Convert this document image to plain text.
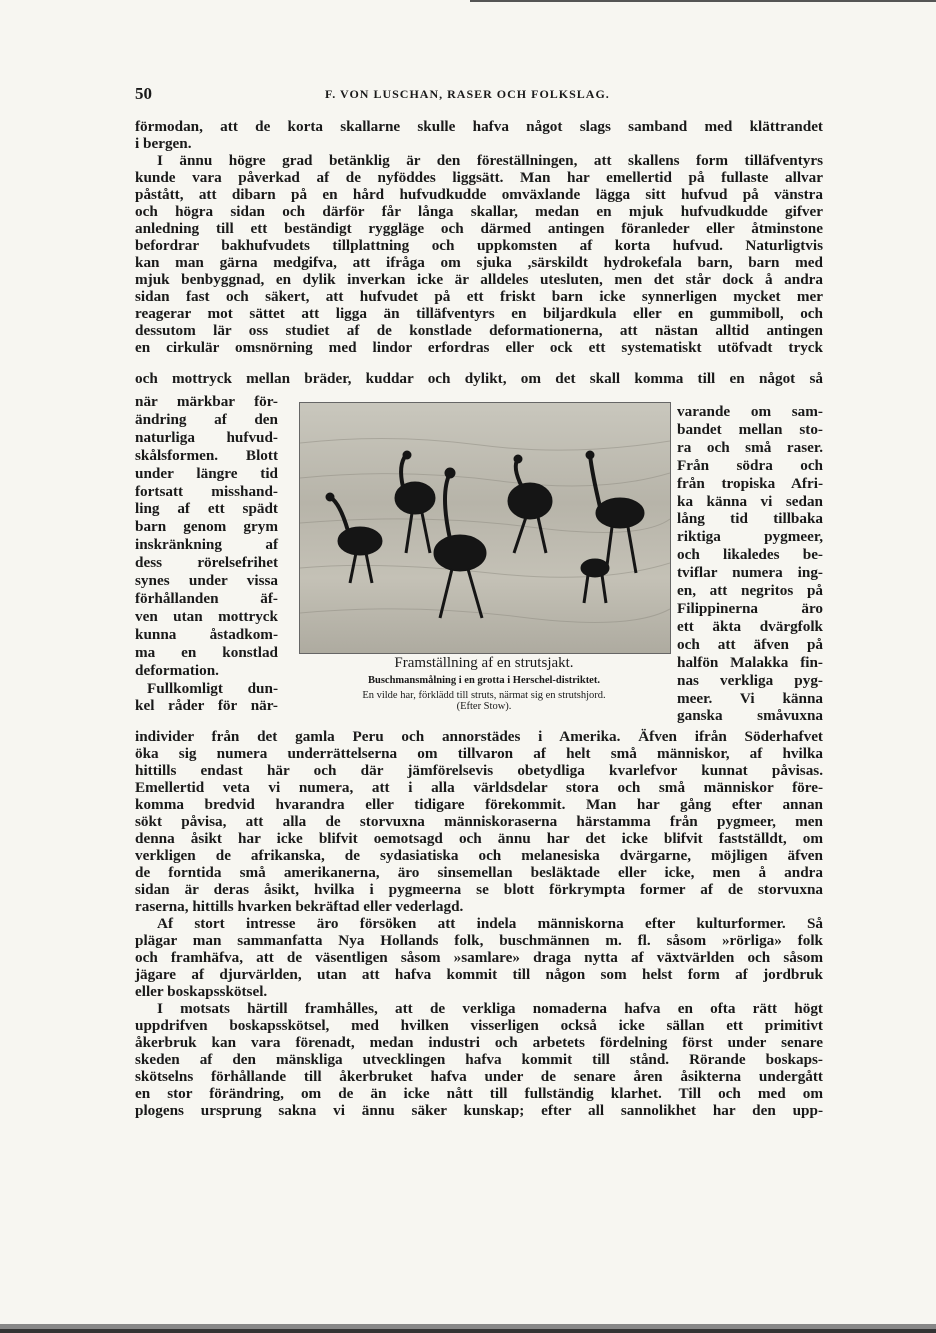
50	F. VON LUSCHAN, RASER OCH FOLKSLAG.
förmodan, att de korta skallarne skulle hafva något slags samband med klättrandet
i bergen.
I ännu högre grad betänklig är den föreställningen, att skallens form tilläfventyrs
kunde vara påverkad af de nyföddes liggsätt. Man har emellertid på fullaste allvar
påstått, att dibarn på en hård hufvudkudde omväxlande lägga sitt hufvud på vänstra
och högra sidan och därför får långa skallar, medan en mjuk hufvudkudde gifver
anledning till ett beständigt ryggläge och därmed antingen föranleder eller åtminstone
befordrar bakhufvudets tillplattning och uppkomsten af korta hufvud. Naturligtvis
kan man gärna medgifva, att ifråga om sjuka ,särskildt hydrokefala barn, barn med
mjuk benbyggnad, en dylik inverkan icke är alldeles utesluten, men det står dock å andra
sidan fast och säkert, att hufvudet på ett friskt barn icke synnerligen mycket mer
reagerar mot sättet att ligga än tilläfventyrs en biljardkula eller en gummiboll, och
dessutom lär oss studiet af de konstlade deformationerna, att nästan alltid antingen
en cirkulär omsnörning med lindor erfordras eller ock ett systematiskt utöfvadt tryck
och mottryck mellan bräder, kuddar och dylikt, om det skall komma till en något så
när märkbar för-
ändring af den
naturliga hufvud-
skålsformen. Blott
under längre tid
fortsatt misshand-
ling af ett spädt
barn genom grym
inskränkning af
dess rörelsefrihet
synes under vissa
förhållanden äf-
ven utan mottryck
kunna åstadkom-
ma en konstlad
deformation.
Fullkomligt dun-
kel råder för när-
Framställning af en strutsjakt.
Buschmansmålning i en grotta i Herschel-distriktet.
En vilde har, förklädd till struts, närmat sig en strutshjord.
(Efter Stow).
varande om sam-
bandet mellan sto-
ra och små raser.
Från södra och
från tropiska Afri-
ka känna vi sedan
lång tid tillbaka
riktiga pygmeer,
och likaledes be-
tviflar numera ing-
en, att negritos på
Filippinerna äro
ett äkta dvärgfolk
och att äfven på
halfön Malakka fin-
nas verkliga pyg-
meer. Vi känna
ganska småvuxna
individer från det gamla Peru och annorstädes i Amerika. Äfven ifrån Söderhafvet
öka sig numera underrättelserna om tillvaron af helt små människor, af hvilka
hittills endast här och där jämförelsevis obetydliga kvarlefvor kunnat påvisas.
Emellertid veta vi numera, att i alla världsdelar stora och små människor före-
komma bredvid hvarandra eller tidigare förekommit. Man har gång efter annan
sökt påvisa, att alla de storvuxna människoraserna härstamma från pygmeer, men
denna åsikt har icke blifvit oemotsagd och ännu har det icke blifvit fastställdt, om
verkligen de afrikanska, de sydasiatiska och melanesiska dvärgarne, möjligen äfven
de forntida små amerikanerna, äro sinsemellan besläktade eller icke, men å andra
sidan är deras åsikt, hvilka i pygmeerna se blott förkrympta former af de storvuxna
raserna, hittills hvarken bekräftad eller vederlagd.
Af stort intresse äro försöken att indela människorna efter kulturformer. Så
plägar man sammanfatta Nya Hollands folk, buschmännen m. fl. såsom »rörliga» folk
och framhäfva, att de väsentligen såsom »samlare» draga nytta af växtvärlden och såsom
jägare af djurvärlden, utan att hafva kommit till någon som helst form af jordbruk
eller boskapsskötsel.
I motsats härtill framhålles, att de verkliga nomaderna hafva en ofta rätt högt
uppdrifven boskapsskötsel, med hvilken visserligen också icke sällan ett primitivt
åkerbruk kan vara förenadt, medan industri och arbetets fördelning först under senare
skeden af den mänskliga utvecklingen hafva kommit till stånd. Rörande boskaps-
skötselns förhållande till åkerbruket hafva under de senare åren åsikterna undergått
en stor förändring, om de än icke nått till fullständig klarhet. Till och med om
plogens ursprung sakna vi ännu säker kunskap; efter all sannolikhet har den upp-
